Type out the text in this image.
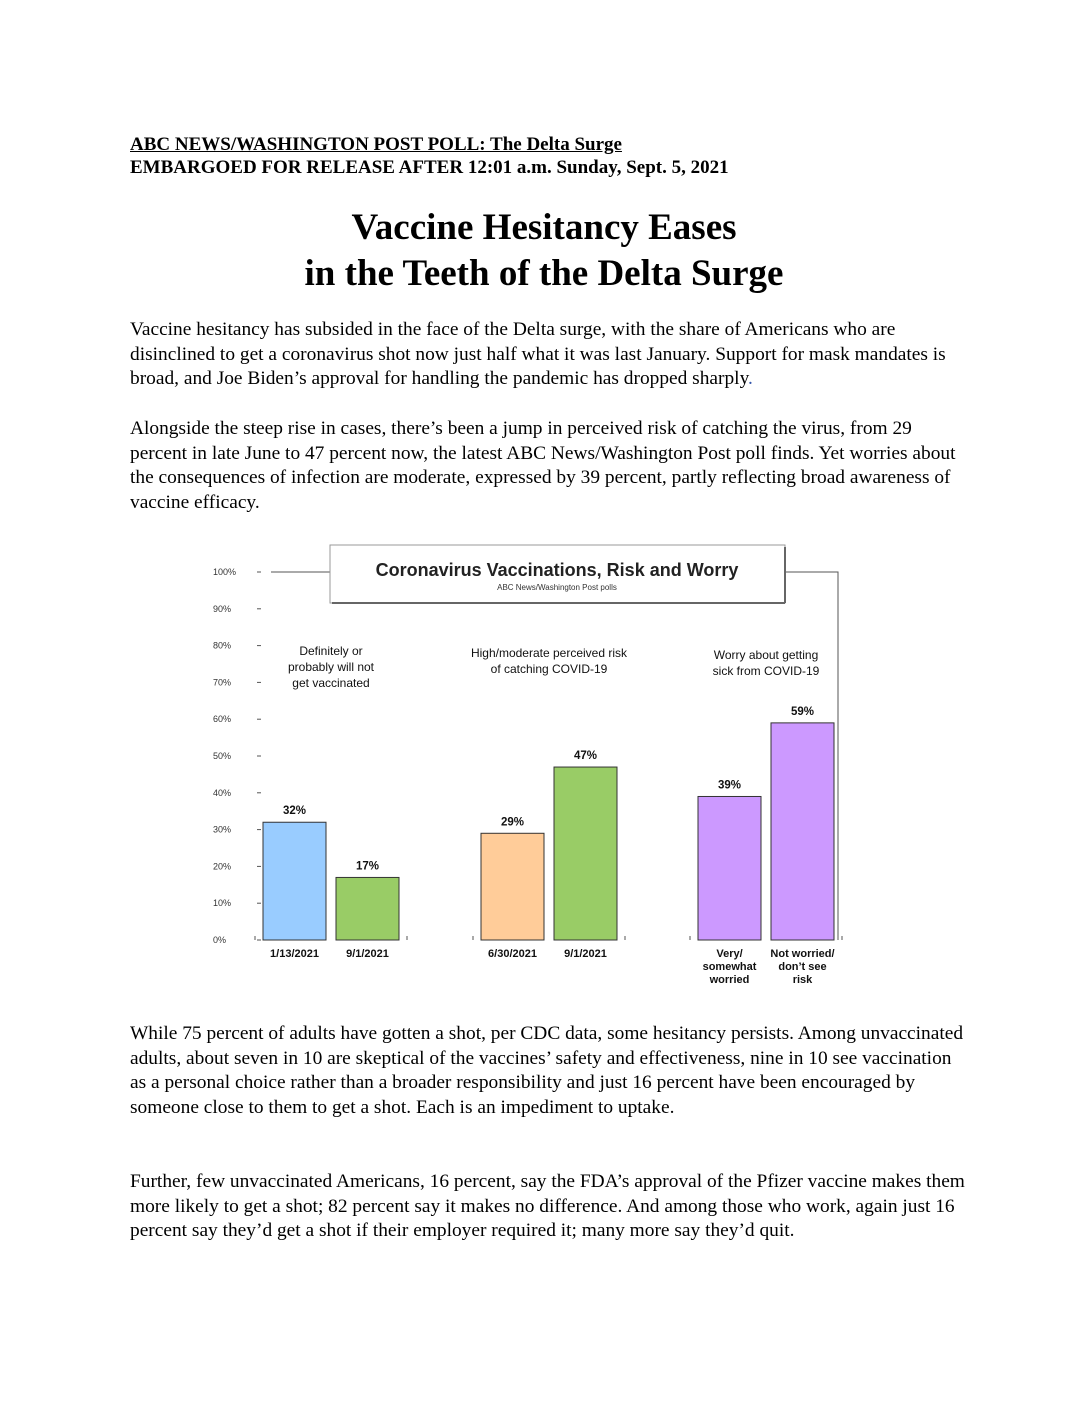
ABC NEWS/WASHINGTON POST POLL: The Delta Surge
EMBARGOED FOR RELEASE AFTER 12:01 a.m. Sunday, Sept. 5, 2021
Vaccine Hesitancy Eases
in the Teeth of the Delta Surge

Vaccine hesitancy has subsided in the face of the Delta surge, with the share of Americans who are disinclined to get a coronavirus shot now just half what it was last January. Support for mask mandates is broad, and Joe Biden’s approval for handling the pandemic has dropped sharply.

Alongside the steep rise in cases, there’s been a jump in perceived risk of catching the virus, from 29 percent in late June to 47 percent now, the latest ABC News/Washington Post poll finds. Yet worries about the consequences of infection are moderate, expressed by 39 percent, partly reflecting broad awareness of vaccine efficacy.

0%
10%
20%
30%
40%
50%
60%
70%
80%
90%
100%	Coronavirus Vaccinations, Risk and Worry
ABC News/Washington Post polls
Definitely or
probably will not
get vaccinated
32%
1/13/2021
17%
9/1/2021
High/moderate perceived risk
of catching COVID-19
29%
6/30/2021
47%
9/1/2021
Worry about getting
sick from COVID-19
39%
Very/
somewhat
worried
59%
Not worried/
don’t see
risk

While 75 percent of adults have gotten a shot, per CDC data, some hesitancy persists. Among unvaccinated adults, about seven in 10 are skeptical of the vaccines’ safety and effectiveness, nine in 10 see vaccination as a personal choice rather than a broader responsibility and just 16 percent have been encouraged by someone close to them to get a shot. Each is an impediment to uptake.

Further, few unvaccinated Americans, 16 percent, say the FDA’s approval of the Pfizer vaccine makes them more likely to get a shot; 82 percent say it makes no difference. And among those who work, again just 16 percent say they’d get a shot if their employer required it; many more say they’d quit.
